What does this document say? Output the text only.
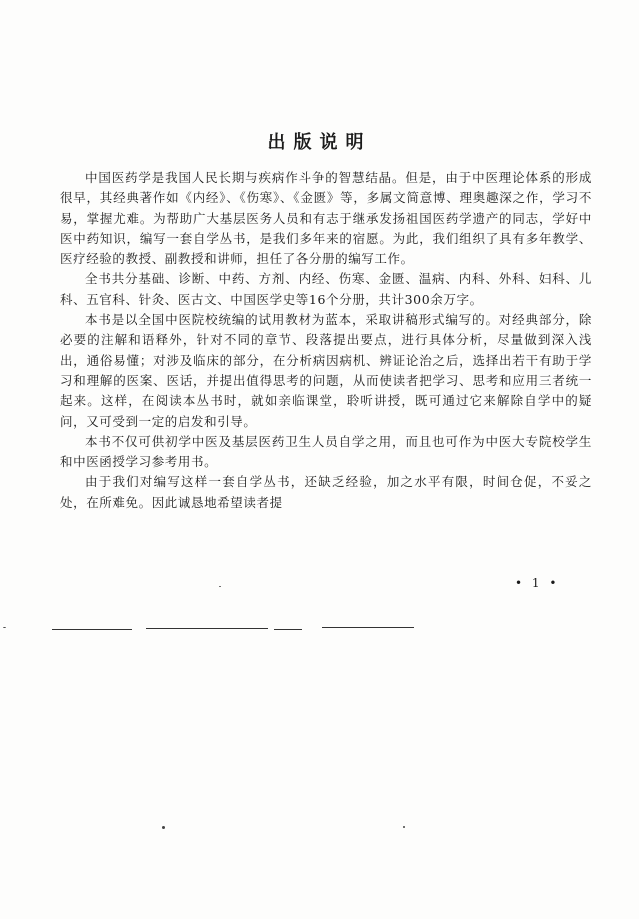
出版说明

中国医药学是我国人民长期与疾病作斗争的智慧结晶。但是，由于中医理论体系的形成很早，其经典著作如《内经》、《伤寒》、《金匮》等，多属文简意博、理奥趣深之作，学习不易，掌握尤难。为帮助广大基层医务人员和有志于继承发扬祖国医药学遗产的同志，学好中医中药知识，编写一套自学丛书，是我们多年来的宿愿。为此，我们组织了具有多年教学、医疗经验的教授、副教授和讲师，担任了各分册的编写工作。

全书共分基础、诊断、中药、方剂、内经、伤寒、金匮、温病、内科、外科、妇科、儿科、五官科、针灸、医古文、中国医学史等16个分册，共计300余万字。

本书是以全国中医院校统编的试用教材为蓝本，采取讲稿形式编写的。对经典部分，除必要的注解和语释外，针对不同的章节、段落提出要点，进行具体分析，尽量做到深入浅出，通俗易懂；对涉及临床的部分，在分析病因病机、辨证论治之后，选择出若干有助于学习和理解的医案、医话，并提出值得思考的问题，从而使读者把学习、思考和应用三者统一起来。这样，在阅读本丛书时，就如亲临课堂，聆听讲授，既可通过它来解除自学中的疑问，又可受到一定的启发和引导。

本书不仅可供初学中医及基层医药卫生人员自学之用，而且也可作为中医大专院校学生和中医函授学习参考用书。

由于我们对编写这样一套自学丛书，还缺乏经验，加之水平有限，时间仓促，不妥之处，在所难免。因此诚恳地希望读者提

• 1 •
